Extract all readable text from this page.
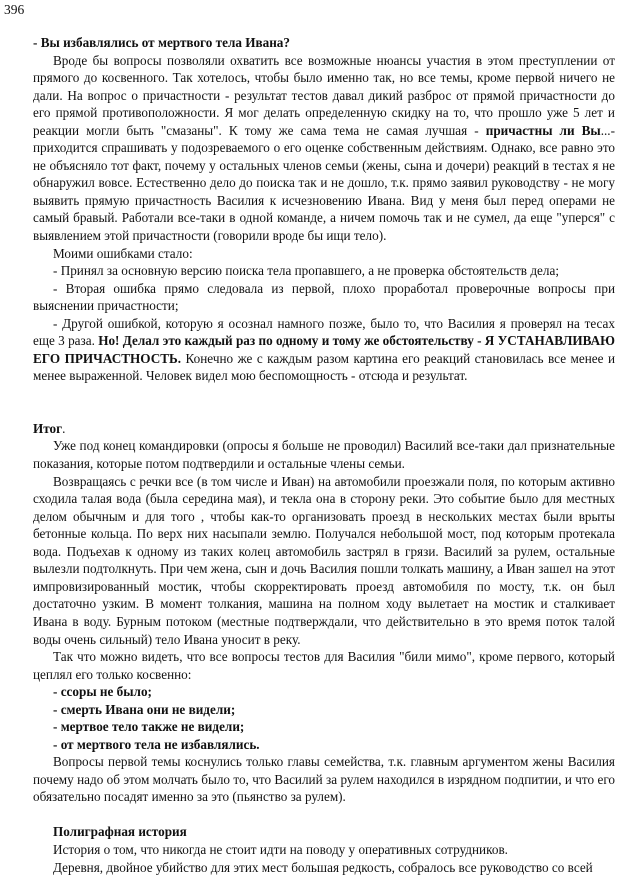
396

- Вы избавлялись от мертвого тела Ивана?

Вроде бы вопросы позволяли охватить все возможные нюансы участия в этом преступлении от прямого до косвенного. Так хотелось, чтобы было именно так, но все темы, кроме первой ничего не дали. На вопрос о причастности - результат тестов давал дикий разброс от прямой причастности до его прямой противоположности. Я мог делать определенную скидку на то, что прошло уже 5 лет и реакции могли быть "смазаны". К тому же сама тема не самая лучшая - причастны ли Вы...- приходится спрашивать у подозреваемого о его оценке собственным действиям. Однако, все равно это не объясняло тот факт, почему у остальных членов семьи (жены, сына и дочери) реакций в тестах я не обнаружил вовсе. Естественно дело до поиска так и не дошло, т.к. прямо заявил руководству - не могу выявить прямую причастность Василия к исчезновению Ивана. Вид у меня был перед операми не самый бравый. Работали все-таки в одной команде, а ничем помочь так и не сумел, да еще "уперся" с выявлением этой причастности (говорили вроде бы ищи тело).

Моими ошибками стало:

- Принял за основную версию поиска тела пропавшего, а не проверка обстоятельств дела;

- Вторая ошибка прямо следовала из первой, плохо проработал проверочные вопросы при выяснении причастности;

- Другой ошибкой, которую я осознал намного позже, было то, что Василия я проверял на тесах еще 3 раза. Но! Делал это каждый раз по одному и тому же обстоятельству - Я УСТАНАВЛИВАЮ ЕГО ПРИЧАСТНОСТЬ. Конечно же с каждым разом картина его реакций становилась все менее и менее выраженной. Человек видел мою беспомощность - отсюда и результат.

Итог.

Уже под конец командировки (опросы я больше не проводил) Василий все-таки дал признательные показания, которые потом подтвердили и остальные члены семьи.

Возвращаясь с речки все (в том числе и Иван) на автомобили проезжали поля, по которым активно сходила талая вода (была середина мая), и текла она в сторону реки. Это событие было для местных делом обычным и для того , чтобы как-то организовать проезд в нескольких местах были врыты бетонные кольца. По верх них насыпали землю. Получался небольшой мост, под которым протекала вода. Подъехав к одному из таких колец автомобиль застрял в грязи. Василий за рулем, остальные вылезли подтолкнуть. При чем жена, сын и дочь Василия пошли толкать машину, а Иван зашел на этот импровизированный мостик, чтобы скорректировать проезд автомобиля по мосту, т.к. он был достаточно узким. В момент толкания, машина на полном ходу вылетает на мостик и сталкивает Ивана в воду. Бурным потоком (местные подтверждали, что действительно в это время поток талой воды очень сильный) тело Ивана уносит в реку.

Так что можно видеть, что все вопросы тестов для Василия "били мимо", кроме первого, который цеплял его только косвенно:

- ссоры не было;

- смерть Ивана они не видели;

- мертвое тело также не видели;

- от мертвого тела не избавлялись.

Вопросы первой темы коснулись только главы семейства, т.к. главным аргументом жены Василия почему надо об этом молчать было то, что Василий за рулем находился в изрядном подпитии, и что его обязательно посадят именно за это (пьянство за рулем).

Полиграфная история

История о том, что никогда не стоит идти на поводу у оперативных сотрудников.

Деревня, двойное убийство для этих мест большая редкость, собралось все руководство со всей
